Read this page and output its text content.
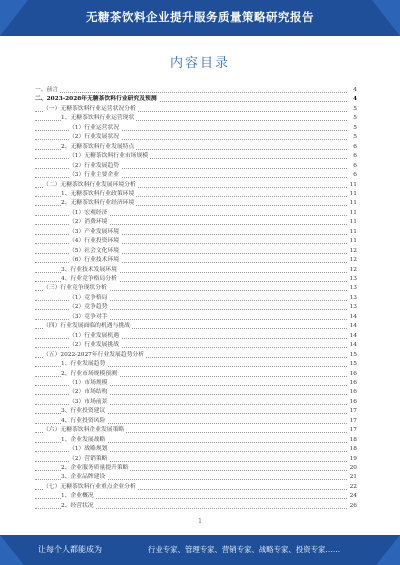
无糖茶饮料企业提升服务质量策略研究报告
内容目录
一、前言	4
二、2023-2028年无糖茶饮料行业研究及预测	4
（一）无糖茶饮料行业运营状况分析	5
1、无糖茶饮料行业运营现状	5
（1）行业运营状况	5
（2）行业发展状况	5
2、无糖茶饮料行业发展特点	6
（1）无糖茶饮料行业市场规模	6
（2）行业发展趋势	6
（3）行业主要企业	6
（二）无糖茶饮料行业发展环境分析	11
1、无糖茶饮料行业政策环境	11
2、无糖茶饮料行业经济环境	11
（1）宏观经济	11
（2）消费环境	11
（3）产业发展环境	11
（4）行业投资环境	11
（5）社会文化环境	12
（6）行业技术环境	12
3、行业技术发展环境	12
4、行业竞争格局分析	13
（三）行业竞争现状分析	13
（1）竞争格局	13
（2）竞争趋势	13
（3）竞争对手	14
（四）行业发展面临的机遇与挑战	14
（1）行业发展机遇	14
（2）行业发展挑战	14
（五）2022-2027年行业发展趋势分析	15
1、行业发展趋势	15
2、行业市场规模预测	16
（1）市场规模	16
（2）市场结构	16
（3）市场前景	16
3、行业投资建议	17
4、行业投资风险	17
（六）无糖茶饮料企业发展策略	17
1、企业发展战略	18
（1）战略规划	18
（2）营销策略	19
2、企业服务质量提升策略	20
3、企业品牌建设	21
（七）无糖茶饮料行业重点企业分析	22
1、企业概况	24
2、经营状况	26
1
让每个人都能成为	行业专家、管理专家、营销专家、战略专家、投资专家……
